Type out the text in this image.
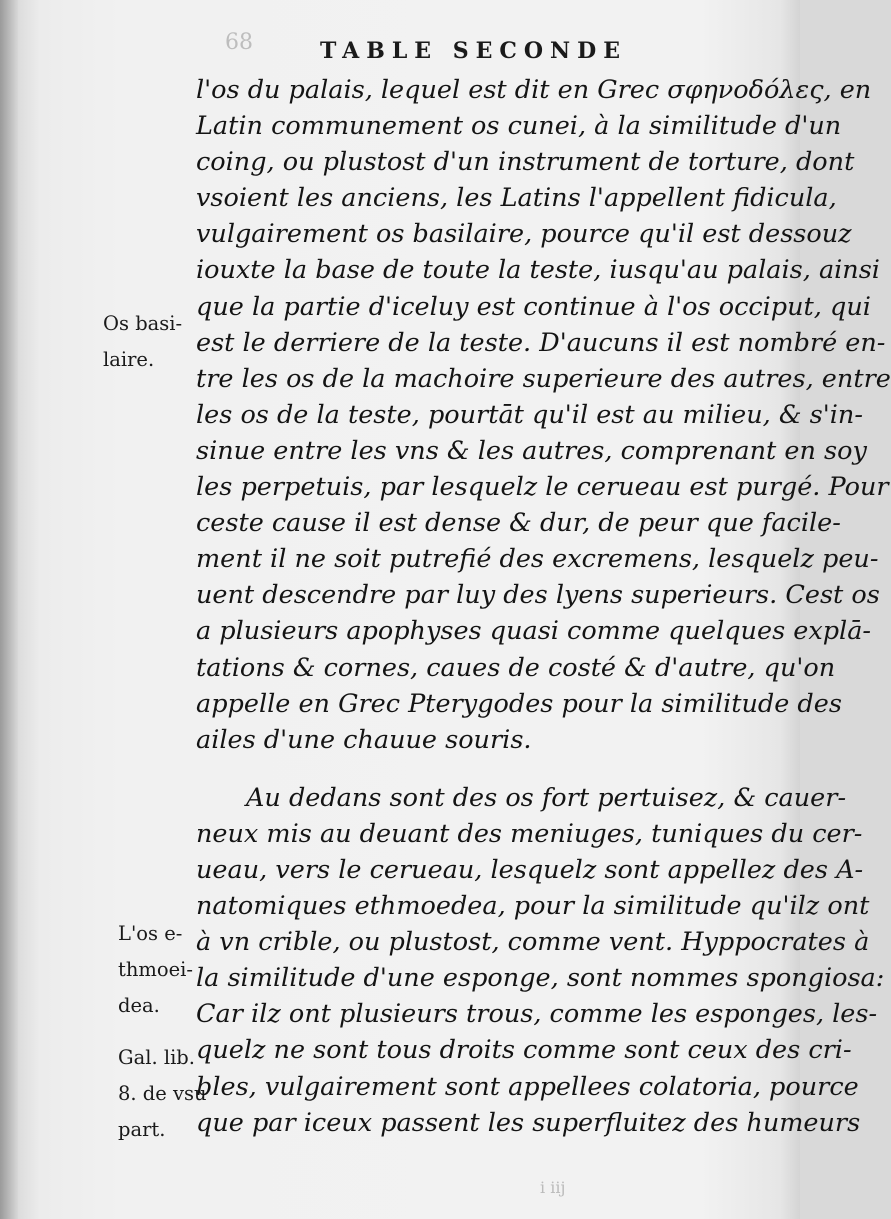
68	TABLE SECONDE
Os basi-
laire.
L'os e-
thmoei-
dea.
Gal. lib.
8. de vsu
part.
l'os du palais, lequel est dit en Grec σφηνοδόλες, en
Latin communement os cunei, à la similitude d'un
coing, ou plustost d'un instrument de torture, dont
vsoient les anciens, les Latins l'appellent fidicula,
vulgairement os basilaire, pource qu'il est dessouz
iouxte la base de toute la teste, iusqu'au palais, ainsi
que la partie d'iceluy est continue à l'os occiput, qui
est le derriere de la teste. D'aucuns il est nombré en-
tre les os de la machoire superieure des autres, entre
les os de la teste, pourtāt qu'il est au milieu, & s'in-
sinue entre les vns & les autres, comprenant en soy
les perpetuis, par lesquelz le cerueau est purgé. Pour
ceste cause il est dense & dur, de peur que facile-
ment il ne soit putrefié des excremens, lesquelz peu-
uent descendre par luy des lyens superieurs. Cest os
a plusieurs apophyses quasi comme quelques explā-
tations & cornes, caues de costé & d'autre, qu'on
appelle en Grec Pterygodes pour la similitude des
ailes d'une chauue souris.
Au dedans sont des os fort pertuisez, & cauer-
neux mis au deuant des meniuges, tuniques du cer-
ueau, vers le cerueau, lesquelz sont appellez des A-
natomiques ethmoedea, pour la similitude qu'ilz ont
à vn crible, ou plustost, comme vent. Hyppocrates à
la similitude d'une esponge, sont nommes spongiosa:
Car ilz ont plusieurs trous, comme les esponges, les-
quelz ne sont tous droits comme sont ceux des cri-
bles, vulgairement sont appellees colatoria, pource
que par iceux passent les superfluitez des humeurs
i iij
